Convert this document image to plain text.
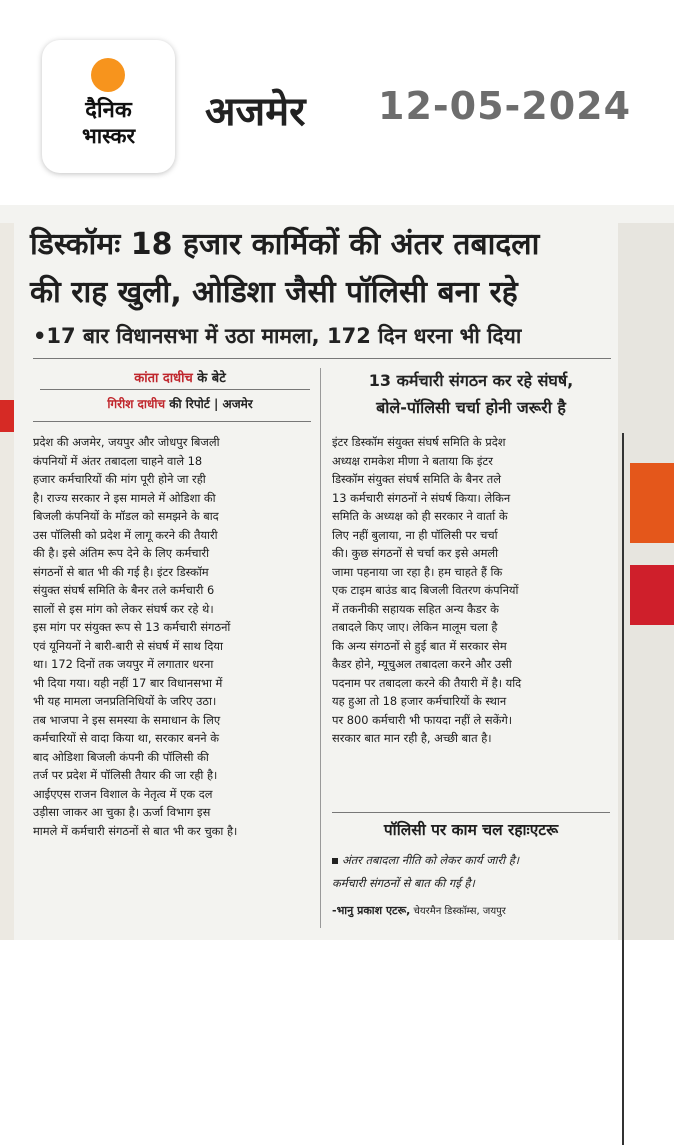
दैनिक
भास्कर
अजमेर 12-05-2024
डिस्कॉमः 18 हजार कार्मिकों की अंतर तबादला
की राह खुली, ओडिशा जैसी पॉलिसी बना रहे
•17 बार विधानसभा में उठा मामला, 172 दिन धरना भी दिया
कांता दाधीच के बेटे
गिरीश दाधीच की रिपोर्ट | अजमेर
13 कर्मचारी संगठन कर रहे संघर्ष,
बोले-पॉलिसी चर्चा होनी जरूरी है
प्रदेश की अजमेर, जयपुर और जोधपुर बिजली
कंपनियों में अंतर तबादला चाहने वाले 18
हजार कर्मचारियों की मांग पूरी होने जा रही
है। राज्य सरकार ने इस मामले में ओडिशा की
बिजली कंपनियों के मॉडल को समझने के बाद
उस पॉलिसी को प्रदेश में लागू करने की तैयारी
की है। इसे अंतिम रूप देने के लिए कर्मचारी
संगठनों से बात भी की गई है। इंटर डिस्कॉम
संयुक्त संघर्ष समिति के बैनर तले कर्मचारी 6
सालों से इस मांग को लेकर संघर्ष कर रहे थे।
इस मांग पर संयुक्त रूप से 13 कर्मचारी संगठनों
एवं यूनियनों ने बारी-बारी से संघर्ष में साथ दिया
था। 172 दिनों तक जयपुर में लगातार धरना
भी दिया गया। यही नहीं 17 बार विधानसभा में
भी यह मामला जनप्रतिनिधियों के जरिए उठा।
तब भाजपा ने इस समस्या के समाधान के लिए
कर्मचारियों से वादा किया था, सरकार बनने के
बाद ओडिशा बिजली कंपनी की पॉलिसी की
तर्ज पर प्रदेश में पॉलिसी तैयार की जा रही है।
आईएएस राजन विशाल के नेतृत्व में एक दल
उड़ीसा जाकर आ चुका है। ऊर्जा विभाग इस
मामले में कर्मचारी संगठनों से बात भी कर चुका है।
इंटर डिस्कॉम संयुक्त संघर्ष समिति के प्रदेश
अध्यक्ष रामकेश मीणा ने बताया कि इंटर
डिस्कॉम संयुक्त संघर्ष समिति के बैनर तले
13 कर्मचारी संगठनों ने संघर्ष किया। लेकिन
समिति के अध्यक्ष को ही सरकार ने वार्ता के
लिए नहीं बुलाया, ना ही पॉलिसी पर चर्चा
की। कुछ संगठनों से चर्चा कर इसे अमली
जामा पहनाया जा रहा है। हम चाहते हैं कि
एक टाइम बाउंड बाद बिजली वितरण कंपनियों
में तकनीकी सहायक सहित अन्य कैडर के
तबादले किए जाए। लेकिन मालूम चला है
कि अन्य संगठनों से हुई बात में सरकार सेम
कैडर होने, म्यूचुअल तबादला करने और उसी
पदनाम पर तबादला करने की तैयारी में है। यदि
यह हुआ तो 18 हजार कर्मचारियों के स्थान
पर 800 कर्मचारी भी फायदा नहीं ले सकेंगे।
सरकार बात मान रही है, अच्छी बात है।
पॉलिसी पर काम चल रहाःएटरू
अंतर तबादला नीति को लेकर कार्य जारी है।
कर्मचारी संगठनों से बात की गई है।
-भानु प्रकाश एटरू, चेयरमैन डिस्कॉम्स, जयपुर
